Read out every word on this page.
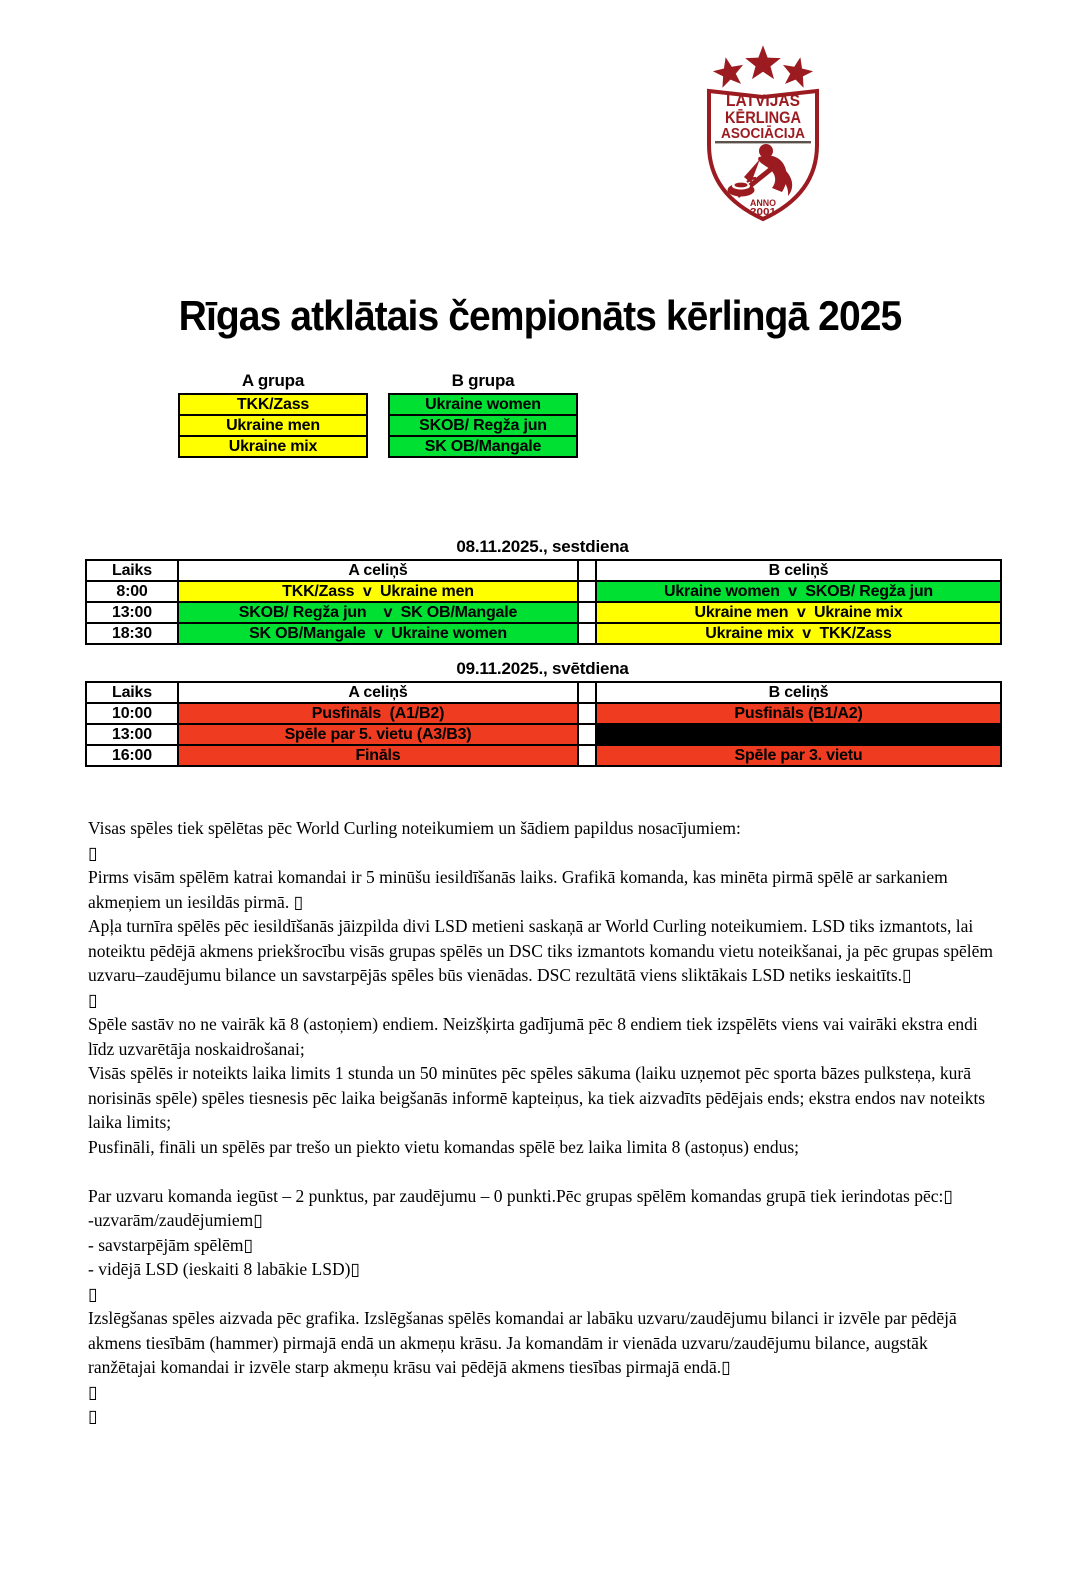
LATVIJAS
KĒRLINGA
ASOCIĀCIJA
ANNO
2001
Rīgas atklātais čempionāts kērlingā 2025
A grupa
TKK/Zass
Ukraine men
Ukraine mix
B grupa
Ukraine women
SKOB/ Regža jun
SK OB/Mangale
08.11.2025., sestdiena
Laiks	A celiņš		B celiņš
8:00	TKK/Zass  v  Ukraine men		Ukraine women  v  SKOB/ Regža jun
13:00	SKOB/ Regža jun    v  SK OB/Mangale		Ukraine men  v  Ukraine mix
18:30	SK OB/Mangale  v  Ukraine women		Ukraine mix  v  TKK/Zass
09.11.2025., svētdiena
Laiks	A celiņš		B celiņš
10:00	Pusfināls  (A1/B2)		Pusfināls (B1/A2)
13:00	Spēle par 5. vietu (A3/B3)		
16:00	Fināls		Spēle par 3. vietu

Visas spēles tiek spēlētas pēc World Curling noteikumiem un šādiem papildus nosacījumiem:

▯

Pirms visām spēlēm katrai komandai ir 5 minūšu iesildīšanās laiks. Grafikā komanda, kas minēta pirmā spēlē ar sarkaniem akmeņiem un iesildās pirmā. ▯

Apļa turnīra spēlēs pēc iesildīšanās jāizpilda divi LSD metieni saskaņā ar World Curling noteikumiem. LSD tiks izmantots, lai noteiktu pēdējā akmens priekšrocību visās grupas spēlēs un DSC tiks izmantots komandu vietu noteikšanai, ja pēc grupas spēlēm uzvaru–zaudējumu bilance un savstarpējās spēles būs vienādas. DSC rezultātā viens sliktākais LSD netiks ieskaitīts.▯

▯

Spēle sastāv no ne vairāk kā 8 (astoņiem) endiem. Neizšķirta gadījumā pēc 8 endiem tiek izspēlēts viens vai vairāki ekstra endi līdz uzvarētāja noskaidrošanai;

Visās spēlēs ir noteikts laika limits 1 stunda un 50 minūtes pēc spēles sākuma (laiku uzņemot pēc sporta bāzes pulksteņa, kurā norisinās spēle) spēles tiesnesis pēc laika beigšanās informē kapteiņus, ka tiek aizvadīts pēdējais ends; ekstra endos nav noteikts laika limits;

Pusfināli, fināli un spēlēs par trešo un piekto vietu komandas spēlē bez laika limita 8 (astoņus) endus;

Par uzvaru komanda iegūst – 2 punktus, par zaudējumu – 0 punkti.Pēc grupas spēlēm komandas grupā tiek ierindotas pēc:▯

-uzvarām/zaudējumiem▯

- savstarpējām spēlēm▯

- vidējā LSD (ieskaiti 8 labākie LSD)▯

▯

Izslēgšanas spēles aizvada pēc grafika. Izslēgšanas spēlēs komandai ar labāku uzvaru/zaudējumu bilanci ir izvēle par pēdējā akmens tiesībām (hammer) pirmajā endā un akmeņu krāsu. Ja komandām ir vienāda uzvaru/zaudējumu bilance, augstāk ranžētajai komandai ir izvēle starp akmeņu krāsu vai pēdējā akmens tiesības pirmajā endā.▯

▯

▯
